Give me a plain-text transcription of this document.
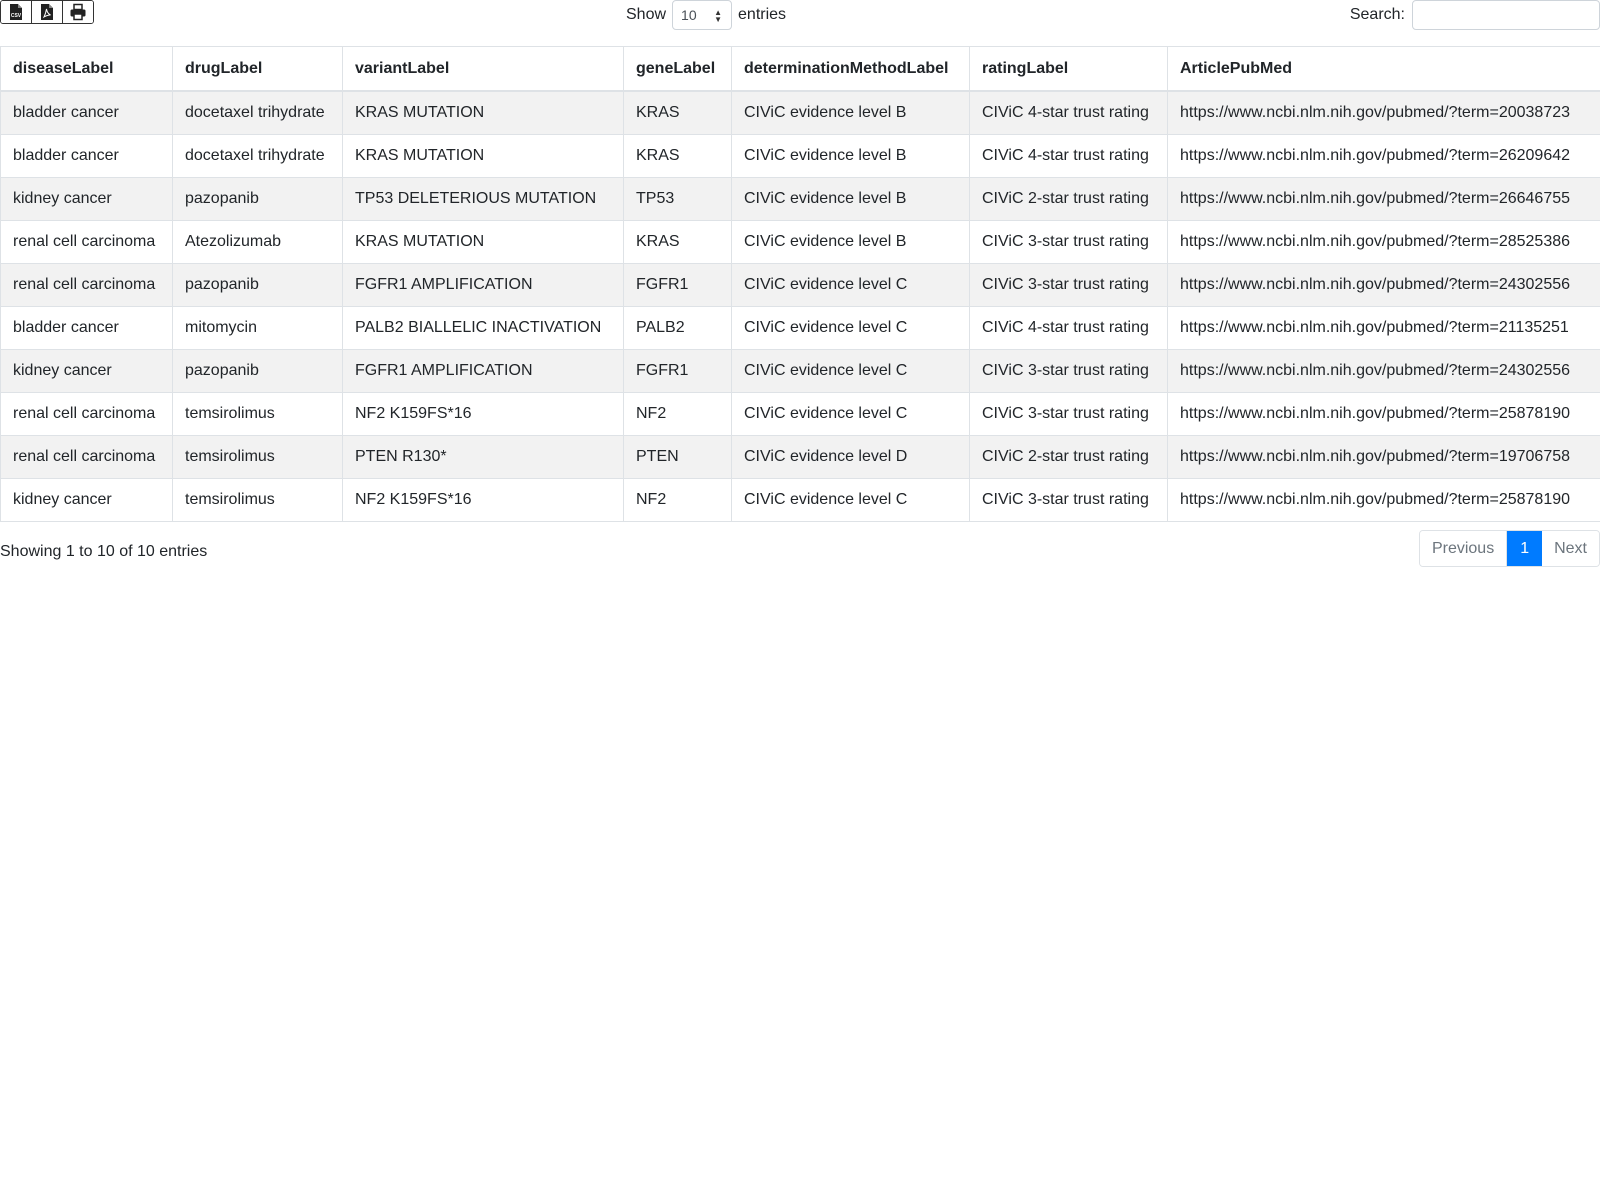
CSV	Show 10 ▲
▼ entries	Search:
diseaseLabel	drugLabel	variantLabel	geneLabel	determinationMethodLabel	ratingLabel	ArticlePubMed
bladder cancer	docetaxel trihydrate	KRAS MUTATION	KRAS	CIViC evidence level B	CIViC 4-star trust rating	https://www.ncbi.nlm.nih.gov/pubmed/?term=20038723
bladder cancer	docetaxel trihydrate	KRAS MUTATION	KRAS	CIViC evidence level B	CIViC 4-star trust rating	https://www.ncbi.nlm.nih.gov/pubmed/?term=26209642
kidney cancer	pazopanib	TP53 DELETERIOUS MUTATION	TP53	CIViC evidence level B	CIViC 2-star trust rating	https://www.ncbi.nlm.nih.gov/pubmed/?term=26646755
renal cell carcinoma	Atezolizumab	KRAS MUTATION	KRAS	CIViC evidence level B	CIViC 3-star trust rating	https://www.ncbi.nlm.nih.gov/pubmed/?term=28525386
renal cell carcinoma	pazopanib	FGFR1 AMPLIFICATION	FGFR1	CIViC evidence level C	CIViC 3-star trust rating	https://www.ncbi.nlm.nih.gov/pubmed/?term=24302556
bladder cancer	mitomycin	PALB2 BIALLELIC INACTIVATION	PALB2	CIViC evidence level C	CIViC 4-star trust rating	https://www.ncbi.nlm.nih.gov/pubmed/?term=21135251
kidney cancer	pazopanib	FGFR1 AMPLIFICATION	FGFR1	CIViC evidence level C	CIViC 3-star trust rating	https://www.ncbi.nlm.nih.gov/pubmed/?term=24302556
renal cell carcinoma	temsirolimus	NF2 K159FS*16	NF2	CIViC evidence level C	CIViC 3-star trust rating	https://www.ncbi.nlm.nih.gov/pubmed/?term=25878190
renal cell carcinoma	temsirolimus	PTEN R130*	PTEN	CIViC evidence level D	CIViC 2-star trust rating	https://www.ncbi.nlm.nih.gov/pubmed/?term=19706758
kidney cancer	temsirolimus	NF2 K159FS*16	NF2	CIViC evidence level C	CIViC 3-star trust rating	https://www.ncbi.nlm.nih.gov/pubmed/?term=25878190
Showing 1 to 10 of 10 entries	Previous	1	Next
